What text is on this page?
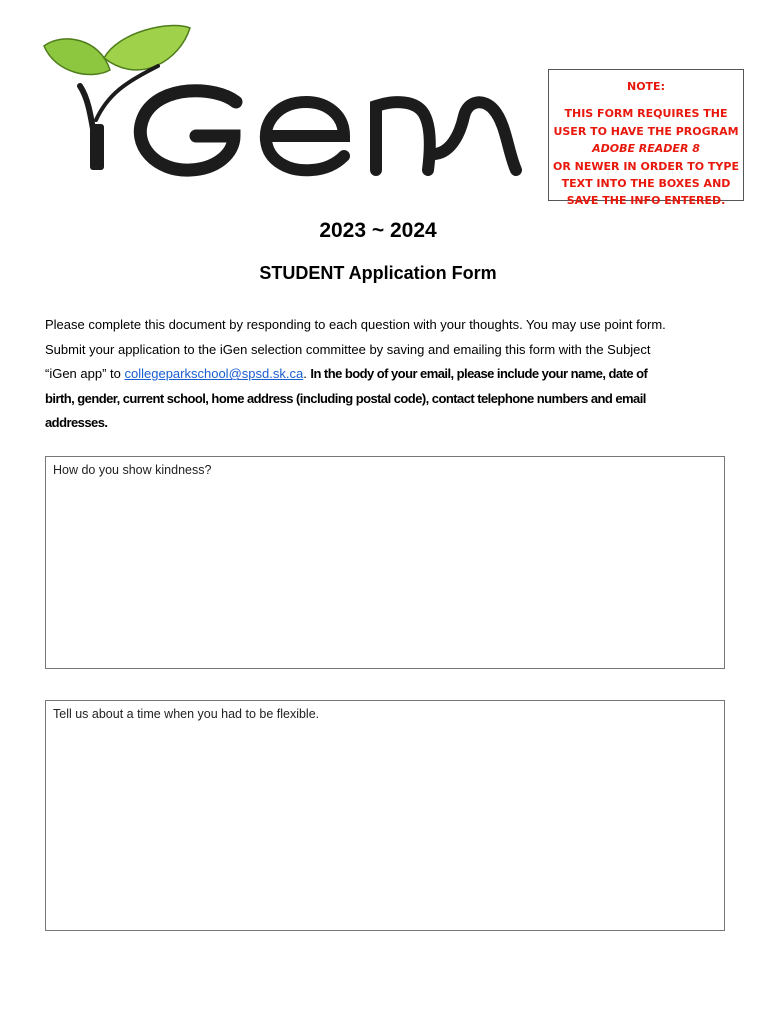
NOTE:
THIS FORM REQUIRES THE
USER TO HAVE THE PROGRAM
ADOBE READER 8
OR NEWER IN ORDER TO TYPE
TEXT INTO THE BOXES AND
SAVE THE INFO ENTERED.
2023 ~ 2024
STUDENT Application Form
Please complete this document by responding to each question with your thoughts. You may use point form.
Submit your application to the iGen selection committee by saving and emailing this form with the Subject
“iGen app” to collegeparkschool@spsd.sk.ca. In the body of your email, please include your name, date of
birth, gender, current school, home address (including postal code), contact telephone numbers and email
addresses.
How do you show kindness?
Tell us about a time when you had to be flexible.
